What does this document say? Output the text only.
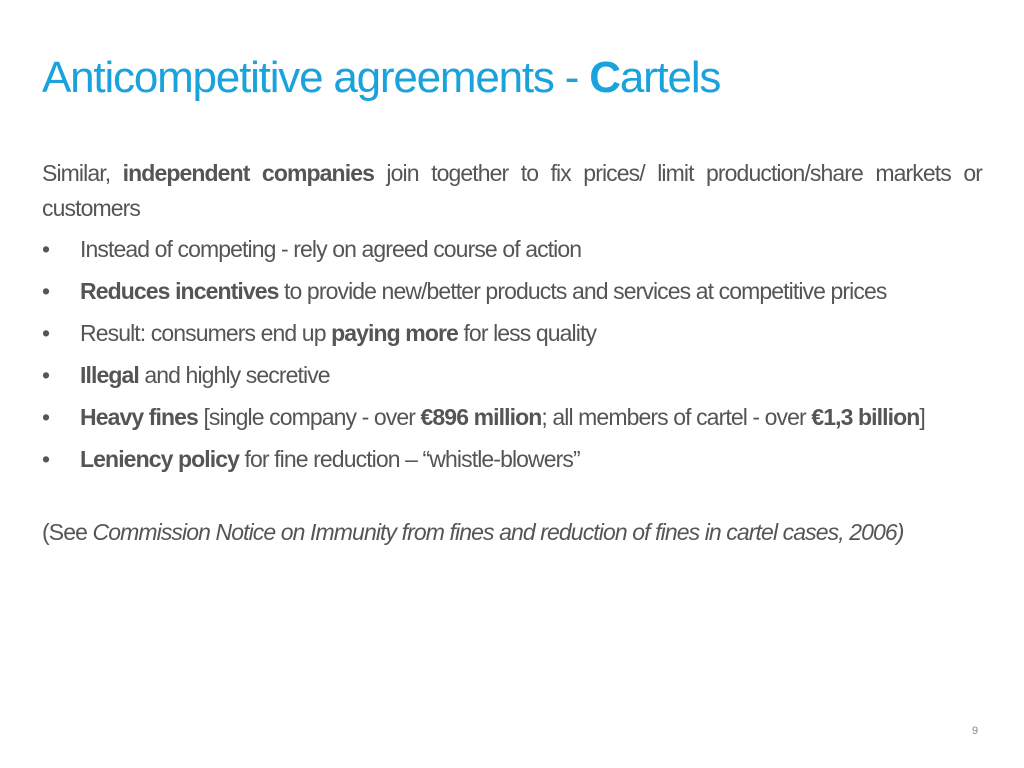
Anticompetitive agreements - Cartels

Similar, independent companies join together to fix prices/ limit production/share markets or customers

•	Instead of competing - rely on agreed course of action
•	Reduces incentives to provide new/better products and services at competitive prices
•	Result: consumers end up paying more for less quality
•	Illegal and highly secretive
•	Heavy fines [single company - over €896 million; all members of cartel - over €1,3 billion]
•	Leniency policy for fine reduction – “whistle-blowers”

(See Commission Notice on Immunity from fines and reduction of fines in cartel cases, 2006)

9
